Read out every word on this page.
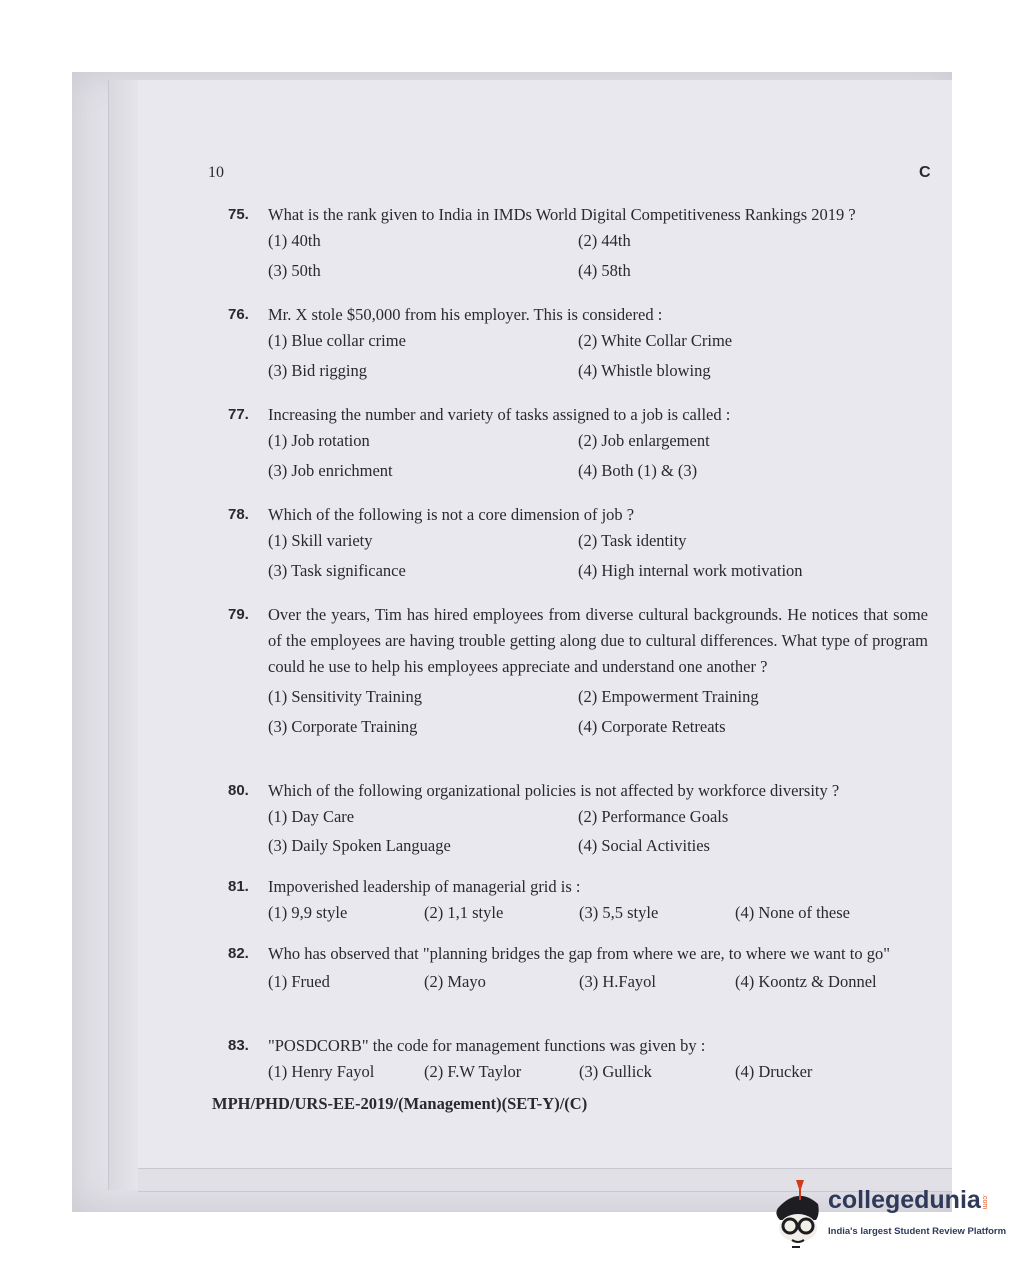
10	C
75. What is the rank given to India in IMDs World Digital Competitiveness Rankings 2019 ?
(1) 40th	(2) 44th
(3) 50th	(4) 58th
76. Mr. X stole $50,000 from his employer. This is considered :
(1) Blue collar crime	(2) White Collar Crime
(3) Bid rigging	(4) Whistle blowing
77. Increasing the number and variety of tasks assigned to a job is called :
(1) Job rotation	(2) Job enlargement
(3) Job enrichment	(4) Both (1) & (3)
78. Which of the following is not a core dimension of job ?
(1) Skill variety	(2) Task identity
(3) Task significance	(4) High internal work motivation
79. Over the years, Tim has hired employees from diverse cultural backgrounds. He notices that some of the employees are having trouble getting along due to cultural differences. What type of program could he use to help his employees appreciate and understand one another ?
(1) Sensitivity Training	(2) Empowerment Training
(3) Corporate Training	(4) Corporate Retreats
80. Which of the following organizational policies is not affected by workforce diversity ?
(1) Day Care	(2) Performance Goals
(3) Daily Spoken Language	(4) Social Activities
81. Impoverished leadership of managerial grid is :
(1) 9,9 style	(2) 1,1 style	(3) 5,5 style	(4) None of these
82. Who has observed that "planning bridges the gap from where we are, to where we want to go"
(1) Frued	(2) Mayo	(3) H.Fayol	(4) Koontz & Donnel
83. "POSDCORB" the code for management functions was given by :
(1) Henry Fayol	(2) F.W Taylor	(3) Gullick	(4) Drucker
MPH/PHD/URS-EE-2019/(Management)(SET-Y)/(C)
collegedunia .com
India's largest Student Review Platform
